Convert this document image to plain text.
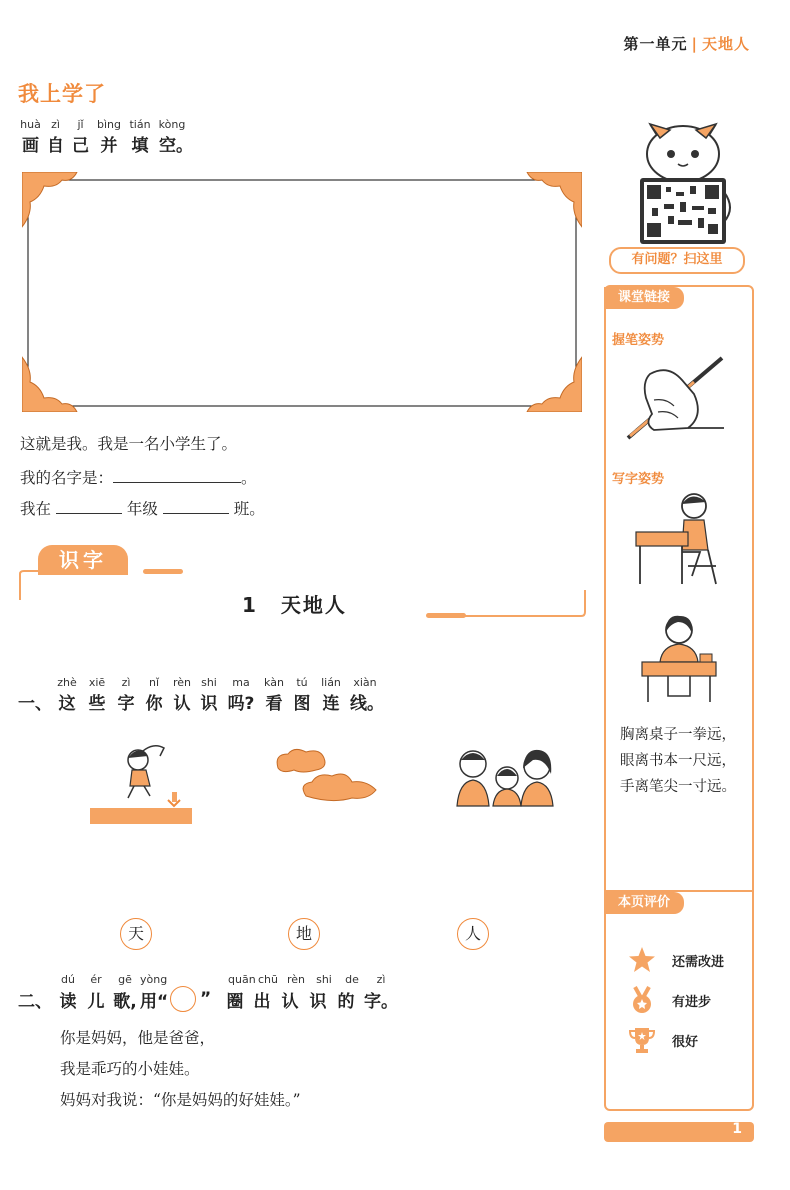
第一单元 | 天地人
我上学了
huà zì	jǐ	bìng tián kòng
画 自 己 并 填 空。
这就是我。我是一名小学生了。
我的名字是：	。
我在	年级	班。
识字
1 天地人
zhè	xiē	zì	nǐ	rèn shi	ma	kàn	tú	lián	xiàn
一、 这 些 字 你 认 识 吗? 看 图 连 线。
天	地	人
dú	ér	gē yòng	quān chū rèn	shi	de	zì
二、 读 儿 歌, 用“	” 圈 出 认 识 的 字。
你是妈妈，他是爸爸，
我是乖巧的小娃娃。
妈妈对我说：“你是妈妈的好娃娃。”
有问题？扫这里
课堂链接
握笔姿势
写字姿势
胸离桌子一拳远，
眼离书本一尺远，
手离笔尖一寸远。
本页评价
还需改进
有进步
很好
1
